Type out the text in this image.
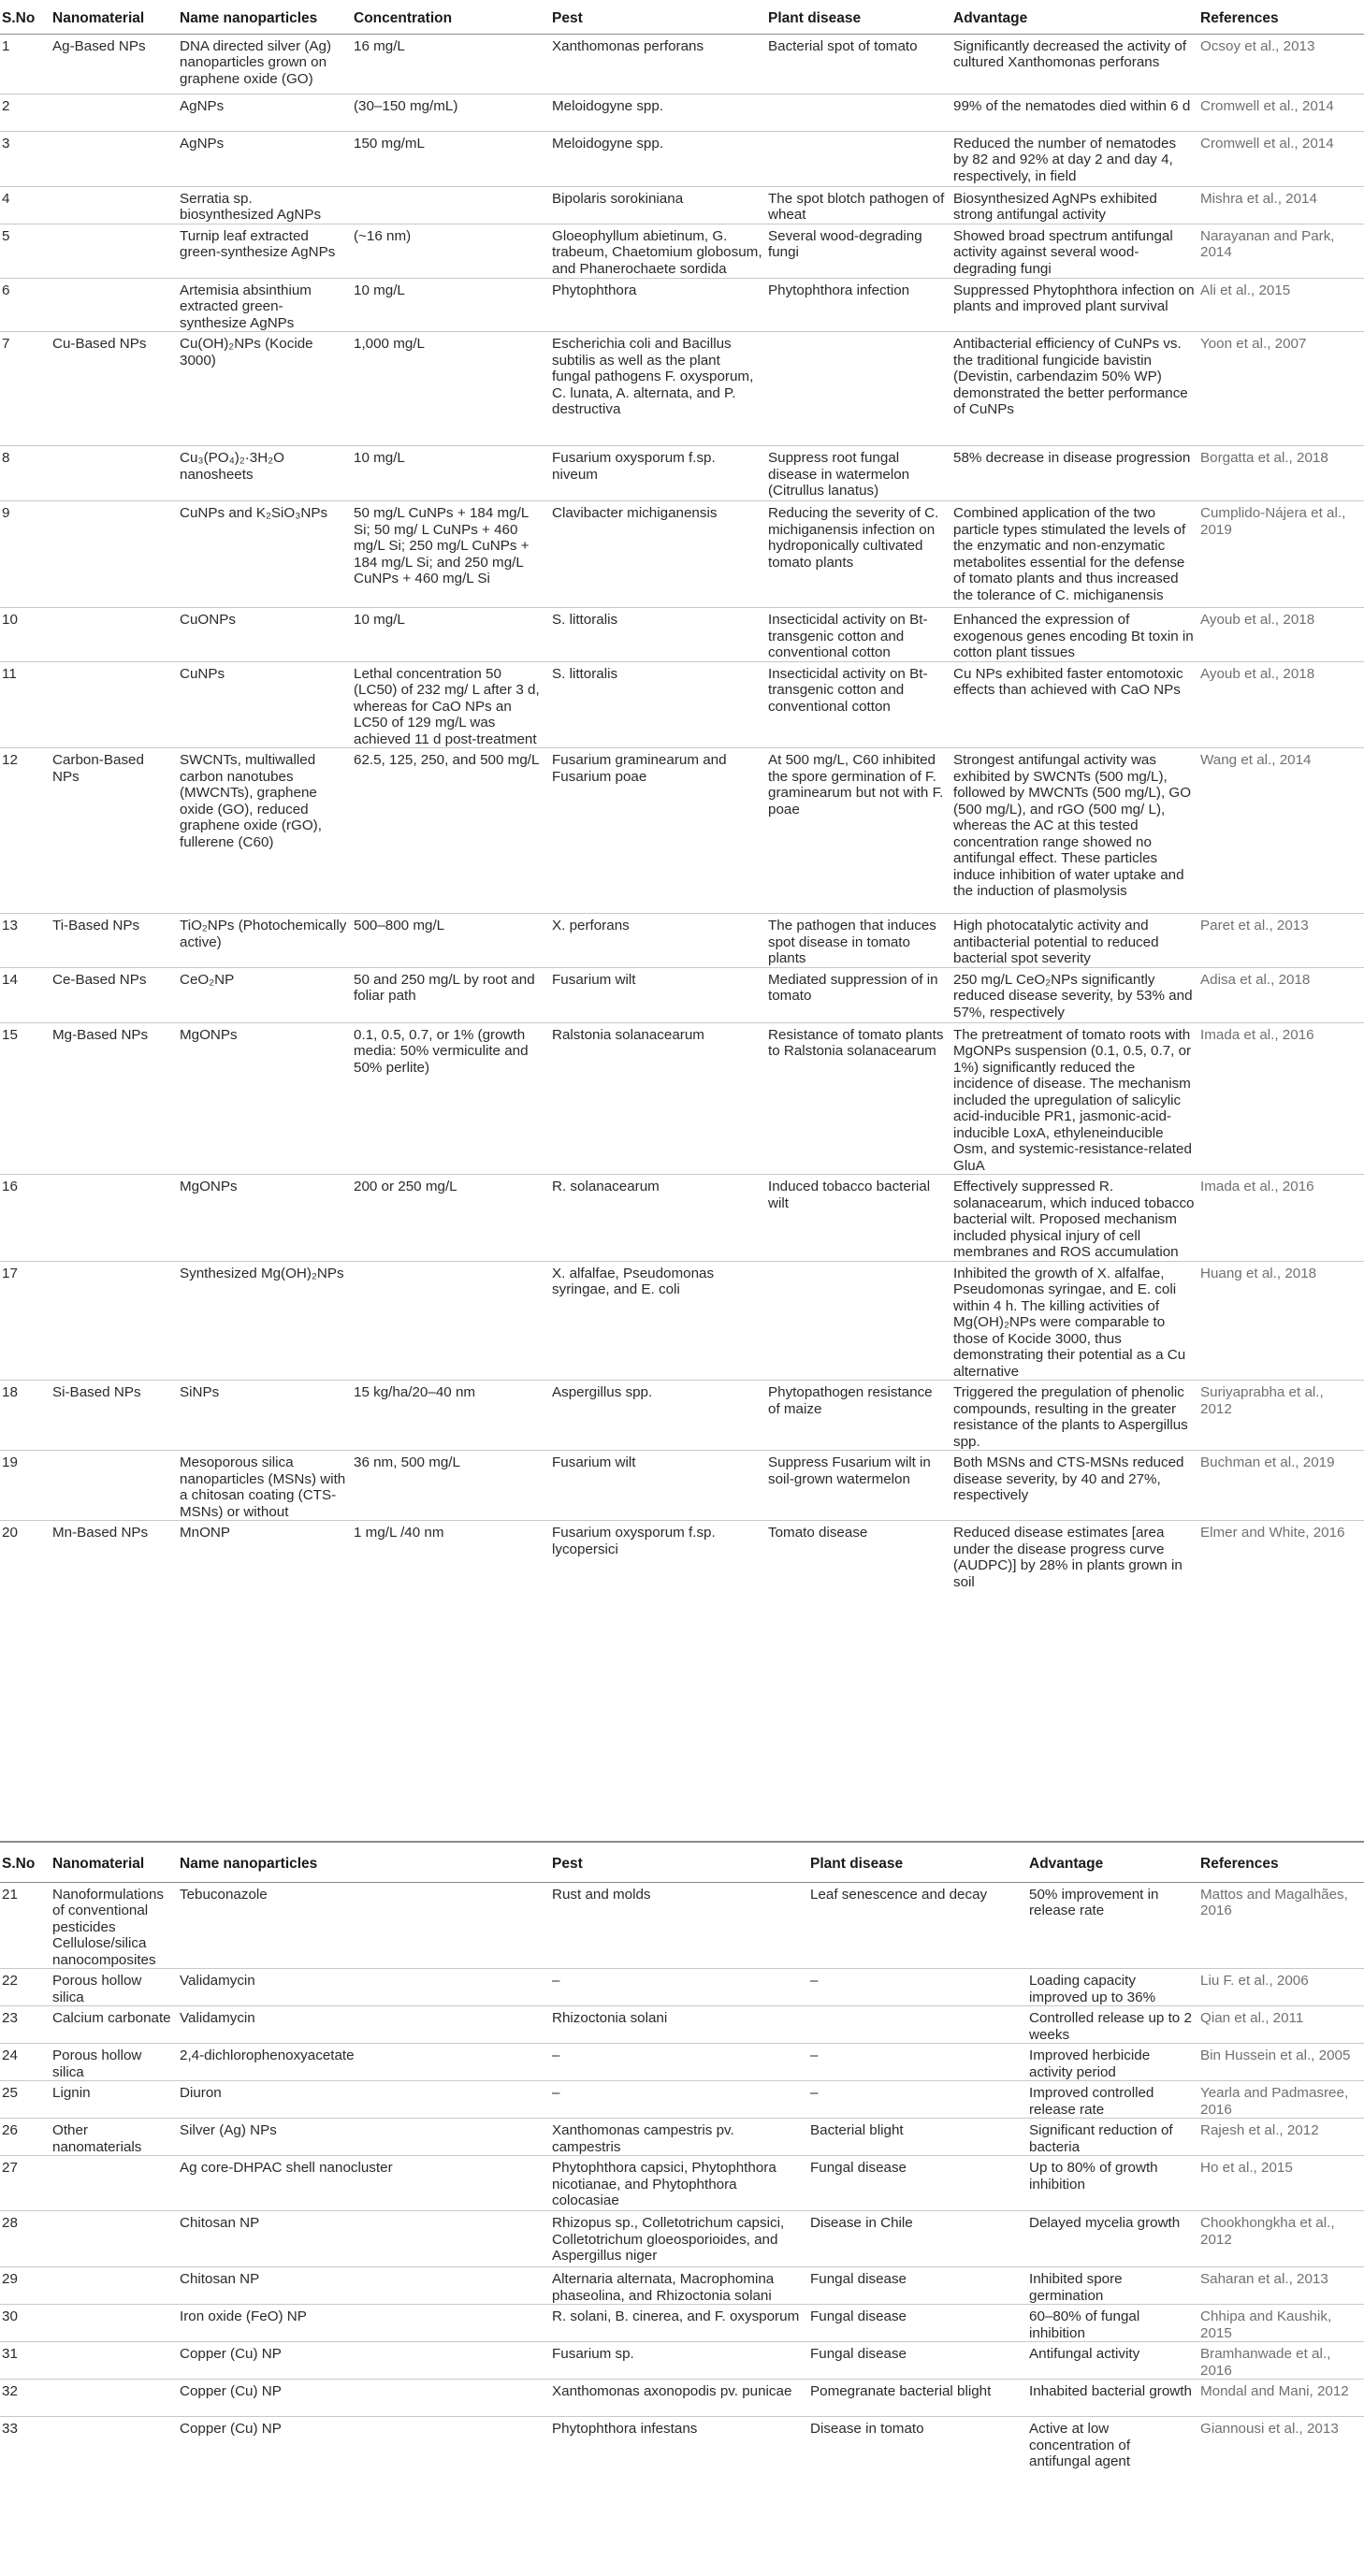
S.No	Nanomaterial	Name nanoparticles	Concentration	Pest	Plant disease	Advantage	References
1	Ag-Based NPs	DNA directed silver (Ag) nanoparticles grown on graphene oxide (GO)	16 mg/L	Xanthomonas perforans	Bacterial spot of tomato	Significantly decreased the activity of cultured Xanthomonas perforans	Ocsoy et al., 2013
2		AgNPs	(30–150 mg/mL)	Meloidogyne spp.		99% of the nematodes died within 6 d	Cromwell et al., 2014
3		AgNPs	150 mg/mL	Meloidogyne spp.		Reduced the number of nematodes by 82 and 92% at day 2 and day 4, respectively, in field	Cromwell et al., 2014
4		Serratia sp. biosynthesized AgNPs		Bipolaris sorokiniana	The spot blotch pathogen of wheat	Biosynthesized AgNPs exhibited strong antifungal activity	Mishra et al., 2014
5		Turnip leaf extracted green-synthesize AgNPs	(~16 nm)	Gloeophyllum abietinum, G. trabeum, Chaetomium globosum, and Phanerochaete sordida	Several wood-degrading fungi	Showed broad spectrum antifungal activity against several wood-degrading fungi	Narayanan and Park, 2014
6		Artemisia absinthium extracted green-synthesize AgNPs	10 mg/L	Phytophthora	Phytophthora infection	Suppressed Phytophthora infection on plants and improved plant survival	Ali et al., 2015
7	Cu-Based NPs	Cu(OH)₂NPs (Kocide 3000)	1,000 mg/L	Escherichia coli and Bacillus subtilis as well as the plant fungal pathogens F. oxysporum, C. lunata, A. alternata, and P. destructiva		Antibacterial efficiency of CuNPs vs. the traditional fungicide bavistin (Devistin, carbendazim 50% WP) demonstrated the better performance of CuNPs	Yoon et al., 2007
8		Cu₃(PO₄)₂·3H₂O nanosheets	10 mg/L	Fusarium oxysporum f.sp. niveum	Suppress root fungal disease in watermelon (Citrullus lanatus)	58% decrease in disease progression	Borgatta et al., 2018
9		CuNPs and K₂SiO₃NPs	50 mg/L CuNPs + 184 mg/L Si; 50 mg/ L CuNPs + 460 mg/L Si; 250 mg/L CuNPs + 184 mg/L Si; and 250 mg/L CuNPs + 460 mg/L Si	Clavibacter michiganensis	Reducing the severity of C. michiganensis infection on hydroponically cultivated tomato plants	Combined application of the two particle types stimulated the levels of the enzymatic and non-enzymatic metabolites essential for the defense of tomato plants and thus increased the tolerance of C. michiganensis	Cumplido-Nájera et al., 2019
10		CuONPs	10 mg/L	S. littoralis	Insecticidal activity on Bt-transgenic cotton and conventional cotton	Enhanced the expression of exogenous genes encoding Bt toxin in cotton plant tissues	Ayoub et al., 2018
11		CuNPs	Lethal concentration 50 (LC50) of 232 mg/ L after 3 d, whereas for CaO NPs an LC50 of 129 mg/L was achieved 11 d post-treatment	S. littoralis	Insecticidal activity on Bt-transgenic cotton and conventional cotton	Cu NPs exhibited faster entomotoxic effects than achieved with CaO NPs	Ayoub et al., 2018
12	Carbon-Based NPs	SWCNTs, multiwalled carbon nanotubes (MWCNTs), graphene oxide (GO), reduced graphene oxide (rGO), fullerene (C60)	62.5, 125, 250, and 500 mg/L	Fusarium graminearum and Fusarium poae	At 500 mg/L, C60 inhibited the spore germination of F. graminearum but not with F. poae	Strongest antifungal activity was exhibited by SWCNTs (500 mg/L), followed by MWCNTs (500 mg/L), GO (500 mg/L), and rGO (500 mg/ L), whereas the AC at this tested concentration range showed no antifungal effect. These particles induce inhibition of water uptake and the induction of plasmolysis	Wang et al., 2014
13	Ti-Based NPs	TiO₂NPs (Photochemically active)	500–800 mg/L	X. perforans	The pathogen that induces spot disease in tomato plants	High photocatalytic activity and antibacterial potential to reduced bacterial spot severity	Paret et al., 2013
14	Ce-Based NPs	CeO₂NP	50 and 250 mg/L by root and foliar path	Fusarium wilt	Mediated suppression of in tomato	250 mg/L CeO₂NPs significantly reduced disease severity, by 53% and 57%, respectively	Adisa et al., 2018
15	Mg-Based NPs	MgONPs	0.1, 0.5, 0.7, or 1% (growth media: 50% vermiculite and 50% perlite)	Ralstonia solanacearum	Resistance of tomato plants to Ralstonia solanacearum	The pretreatment of tomato roots with MgONPs suspension (0.1, 0.5, 0.7, or 1%) significantly reduced the incidence of disease. The mechanism included the upregulation of salicylic acid-inducible PR1, jasmonic-acid-inducible LoxA, ethyleneinducible Osm, and systemic-resistance-related GluA	Imada et al., 2016
16		MgONPs	200 or 250 mg/L	R. solanacearum	Induced tobacco bacterial wilt	Effectively suppressed R. solanacearum, which induced tobacco bacterial wilt. Proposed mechanism included physical injury of cell membranes and ROS accumulation	Imada et al., 2016
17		Synthesized Mg(OH)₂NPs		X. alfalfae, Pseudomonas syringae, and E. coli		Inhibited the growth of X. alfalfae, Pseudomonas syringae, and E. coli within 4 h. The killing activities of Mg(OH)₂NPs were comparable to those of Kocide 3000, thus demonstrating their potential as a Cu alternative	Huang et al., 2018
18	Si-Based NPs	SiNPs	15 kg/ha/20–40 nm	Aspergillus spp.	Phytopathogen resistance of maize	Triggered the pregulation of phenolic compounds, resulting in the greater resistance of the plants to Aspergillus spp.	Suriyaprabha et al., 2012
19		Mesoporous silica nanoparticles (MSNs) with a chitosan coating (CTS-MSNs) or without	36 nm, 500 mg/L	Fusarium wilt	Suppress Fusarium wilt in soil-grown watermelon	Both MSNs and CTS-MSNs reduced disease severity, by 40 and 27%, respectively	Buchman et al., 2019
20	Mn-Based NPs	MnONP	1 mg/L /40 nm	Fusarium oxysporum f.sp. lycopersici	Tomato disease	Reduced disease estimates [area under the disease progress curve (AUDPC)] by 28% in plants grown in soil	Elmer and White, 2016
S.No	Nanomaterial	Name nanoparticles	Pest	Plant disease	Advantage	References
21	Nanoformulations of conventional pesticides Cellulose/silica nanocomposites	Tebuconazole	Rust and molds	Leaf senescence and decay	50% improvement in release rate	Mattos and Magalhães, 2016
22	Porous hollow silica	Validamycin	–	–	Loading capacity improved up to 36%	Liu F. et al., 2006
23	Calcium carbonate	Validamycin	Rhizoctonia solani		Controlled release up to 2 weeks	Qian et al., 2011
24	Porous hollow silica	2,4-dichlorophenoxyacetate	–	–	Improved herbicide activity period	Bin Hussein et al., 2005
25	Lignin	Diuron	–	–	Improved controlled release rate	Yearla and Padmasree, 2016
26	Other nanomaterials	Silver (Ag) NPs	Xanthomonas campestris pv. campestris	Bacterial blight	Significant reduction of bacteria	Rajesh et al., 2012
27		Ag core-DHPAC shell nanocluster	Phytophthora capsici, Phytophthora nicotianae, and Phytophthora colocasiae	Fungal disease	Up to 80% of growth inhibition	Ho et al., 2015
28		Chitosan NP	Rhizopus sp., Colletotrichum capsici, Colletotrichum gloeosporioides, and Aspergillus niger	Disease in Chile	Delayed mycelia growth	Chookhongkha et al., 2012
29		Chitosan NP	Alternaria alternata, Macrophomina phaseolina, and Rhizoctonia solani	Fungal disease	Inhibited spore germination	Saharan et al., 2013
30		Iron oxide (FeO) NP	R. solani, B. cinerea, and F. oxysporum	Fungal disease	60–80% of fungal inhibition	Chhipa and Kaushik, 2015
31		Copper (Cu) NP	Fusarium sp.	Fungal disease	Antifungal activity	Bramhanwade et al., 2016
32		Copper (Cu) NP	Xanthomonas axonopodis pv. punicae	Pomegranate bacterial blight	Inhabited bacterial growth	Mondal and Mani, 2012
33		Copper (Cu) NP	Phytophthora infestans	Disease in tomato	Active at low concentration of antifungal agent	Giannousi et al., 2013
